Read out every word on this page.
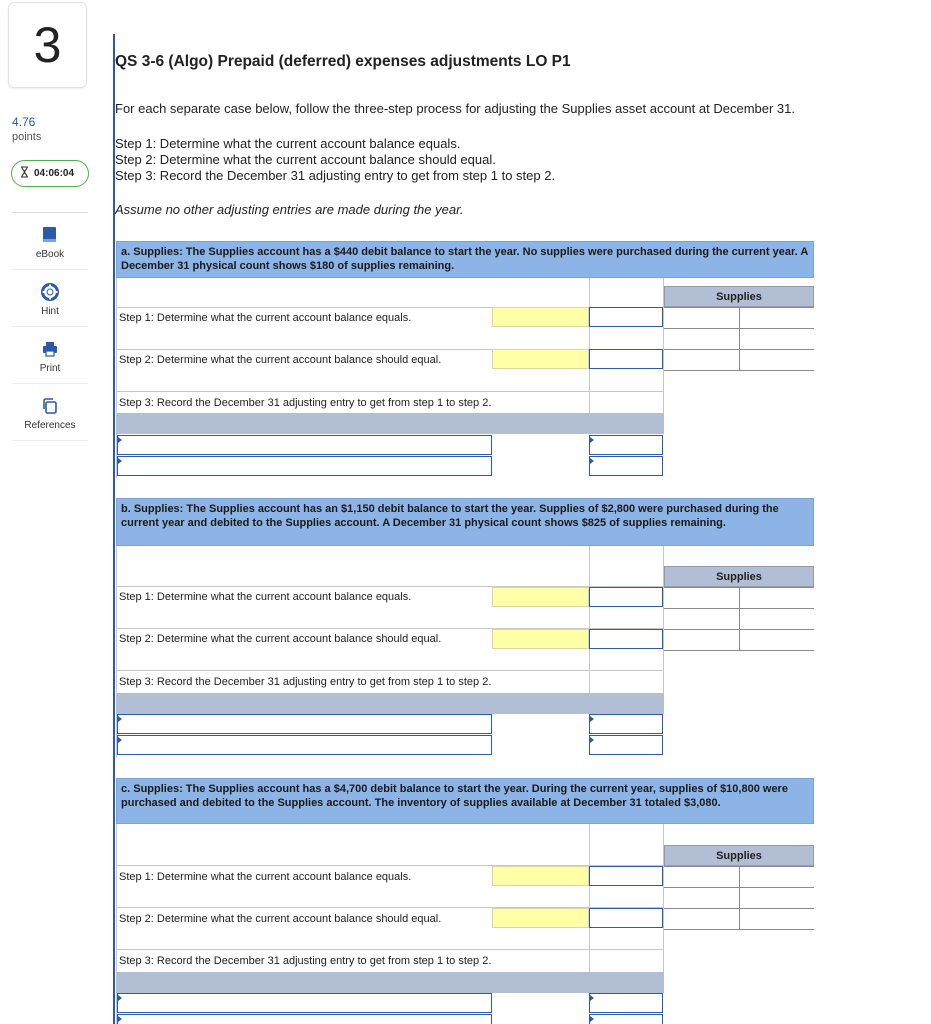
3
4.76
points
04:06:04
eBook
Hint
Print
References
QS 3-6 (Algo) Prepaid (deferred) expenses adjustments LO P1
For each separate case below, follow the three-step process for adjusting the Supplies asset account at December 31.
Step 1: Determine what the current account balance equals.
Step 2: Determine what the current account balance should equal.
Step 3: Record the December 31 adjusting entry to get from step 1 to step 2.
Assume no other adjusting entries are made during the year.
a. Supplies: The Supplies account has a $440 debit balance to start the year. No supplies were purchased during the current year. A December 31 physical count shows $180 of supplies remaining.
Step 1: Determine what the current account balance equals.
Step 2: Determine what the current account balance should equal.
Step 3: Record the December 31 adjusting entry to get from step 1 to step 2.
Supplies
b. Supplies: The Supplies account has an $1,150 debit balance to start the year. Supplies of $2,800 were purchased during the current year and debited to the Supplies account. A December 31 physical count shows $825 of supplies remaining.
Step 1: Determine what the current account balance equals.
Step 2: Determine what the current account balance should equal.
Step 3: Record the December 31 adjusting entry to get from step 1 to step 2.
Supplies
c. Supplies: The Supplies account has a $4,700 debit balance to start the year. During the current year, supplies of $10,800 were purchased and debited to the Supplies account. The inventory of supplies available at December 31 totaled $3,080.
Step 1: Determine what the current account balance equals.
Step 2: Determine what the current account balance should equal.
Step 3: Record the December 31 adjusting entry to get from step 1 to step 2.
Supplies
